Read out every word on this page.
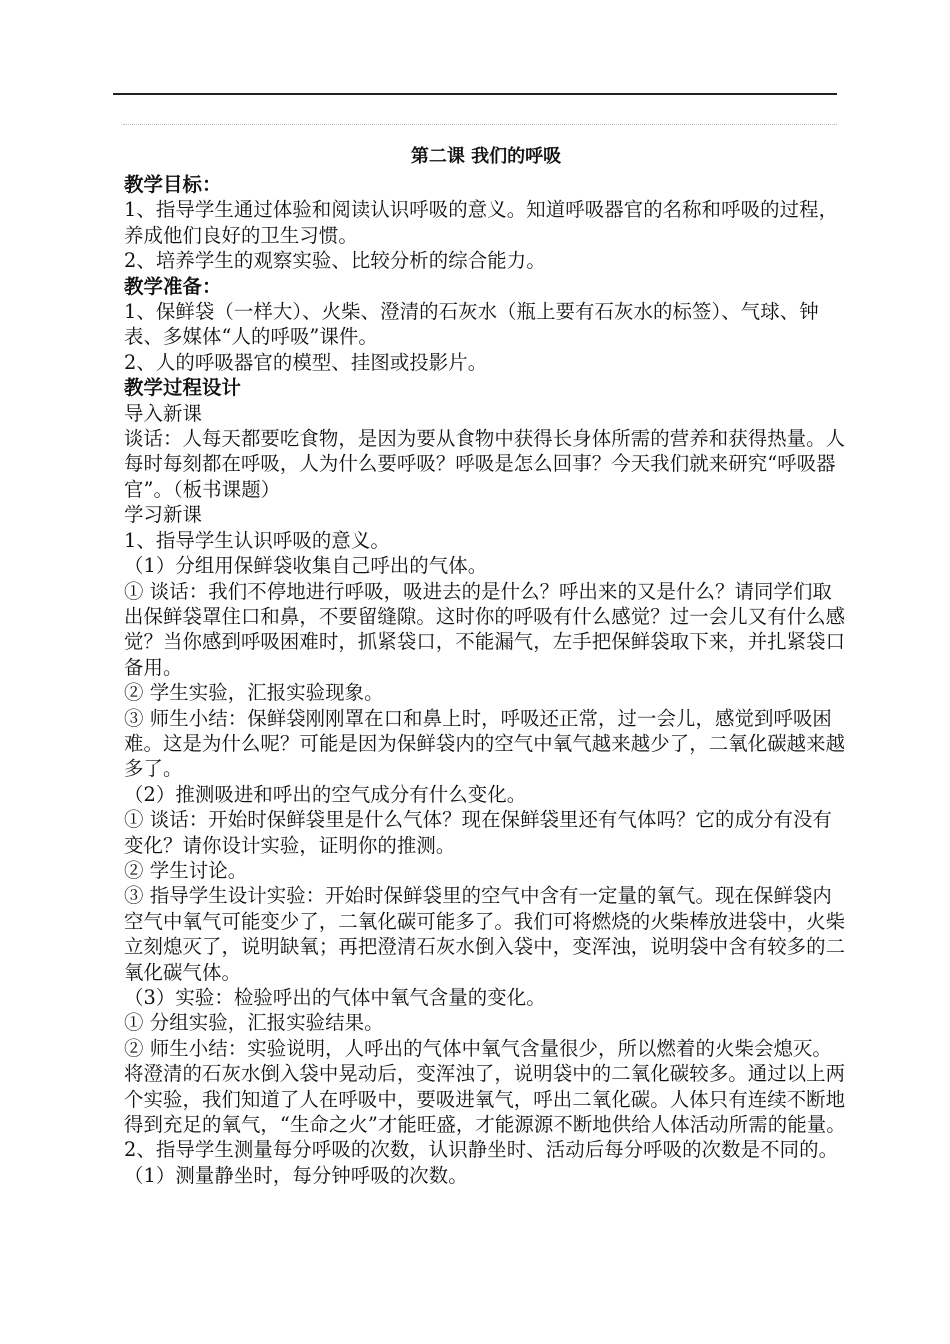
第二课 我们的呼吸

教学目标：

1、指导学生通过体验和阅读认识呼吸的意义。知道呼吸器官的名称和呼吸的过程，养成他们良好的卫生习惯。

2、培养学生的观察实验、比较分析的综合能力。

教学准备：

1、保鲜袋（一样大）、火柴、澄清的石灰水（瓶上要有石灰水的标签）、气球、钟表、多媒体“人的呼吸”课件。

2、人的呼吸器官的模型、挂图或投影片。

教学过程设计

导入新课

谈话：人每天都要吃食物，是因为要从食物中获得长身体所需的营养和获得热量。人每时每刻都在呼吸，人为什么要呼吸？呼吸是怎么回事？今天我们就来研究“呼吸器官”。（板书课题）

学习新课

1、指导学生认识呼吸的意义。

（1）分组用保鲜袋收集自己呼出的气体。

① 谈话：我们不停地进行呼吸，吸进去的是什么？呼出来的又是什么？请同学们取出保鲜袋罩住口和鼻，不要留缝隙。这时你的呼吸有什么感觉？过一会儿又有什么感觉？当你感到呼吸困难时，抓紧袋口，不能漏气，左手把保鲜袋取下来，并扎紧袋口备用。

② 学生实验，汇报实验现象。

③ 师生小结：保鲜袋刚刚罩在口和鼻上时，呼吸还正常，过一会儿，感觉到呼吸困难。这是为什么呢？可能是因为保鲜袋内的空气中氧气越来越少了，二氧化碳越来越多了。

（2）推测吸进和呼出的空气成分有什么变化。

① 谈话：开始时保鲜袋里是什么气体？现在保鲜袋里还有气体吗？它的成分有没有变化？请你设计实验，证明你的推测。

② 学生讨论。

③ 指导学生设计实验：开始时保鲜袋里的空气中含有一定量的氧气。现在保鲜袋内空气中氧气可能变少了，二氧化碳可能多了。我们可将燃烧的火柴棒放进袋中，火柴立刻熄灭了，说明缺氧；再把澄清石灰水倒入袋中，变浑浊，说明袋中含有较多的二氧化碳气体。

（3）实验：检验呼出的气体中氧气含量的变化。

① 分组实验，汇报实验结果。

② 师生小结：实验说明，人呼出的气体中氧气含量很少，所以燃着的火柴会熄灭。将澄清的石灰水倒入袋中晃动后，变浑浊了，说明袋中的二氧化碳较多。通过以上两个实验，我们知道了人在呼吸中，要吸进氧气，呼出二氧化碳。人体只有连续不断地得到充足的氧气，“生命之火”才能旺盛，才能源源不断地供给人体活动所需的能量。

2、指导学生测量每分呼吸的次数，认识静坐时、活动后每分呼吸的次数是不同的。

（1）测量静坐时，每分钟呼吸的次数。
